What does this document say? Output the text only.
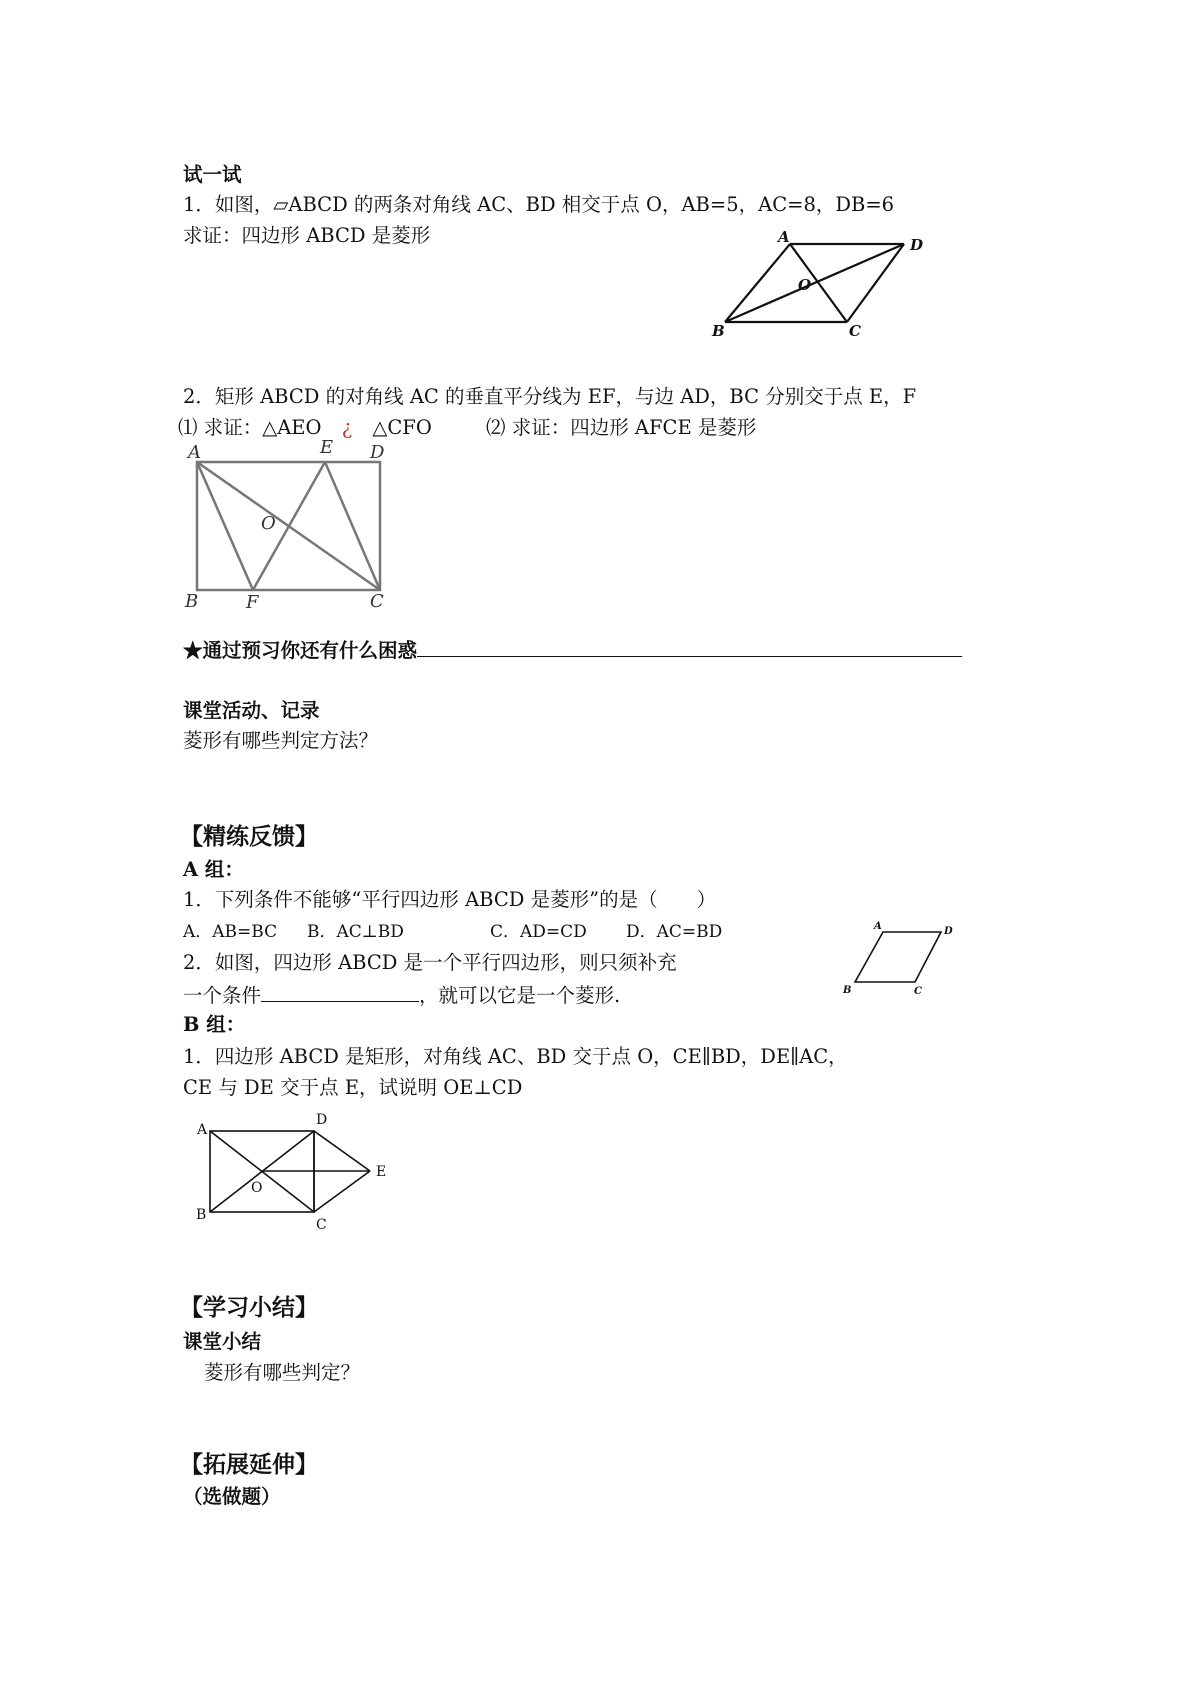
试一试
1．如图，▱ABCD 的两条对角线 AC、BD 相交于点 O，AB=5，AC=8，DB=6
求证：四边形 ABCD 是菱形	A	D
O
B	C
2．矩形 ABCD 的对角线 AC 的垂直平分线为 EF，与边 AD，BC 分别交于点 E，F
⑴ 求证：△AEO ¿ △CFO	⑵ 求证：四边形 AFCE 是菱形
A	E D
O
B	F	C
★通过预习你还有什么困惑
课堂活动、记录
菱形有哪些判定方法？
【精练反馈】
A 组：
1．下列条件不能够“平行四边形 ABCD 是菱形”的是（　　）
A．AB=BC B．AC⊥BD	C．AD=CD D．AC=BD
2．如图，四边形 ABCD 是一个平行四边形，则只须补充
一个条件	，就可以它是一个菱形.
A	D
B	C
B 组：
1．四边形 ABCD 是矩形，对角线 AC、BD 交于点 O，CE∥BD，DE∥AC，
CE 与 DE 交于点 E，试说明 OE⊥CD
A
D
E
O
B
C
【学习小结】
课堂小结
菱形有哪些判定？
【拓展延伸】
（选做题）
